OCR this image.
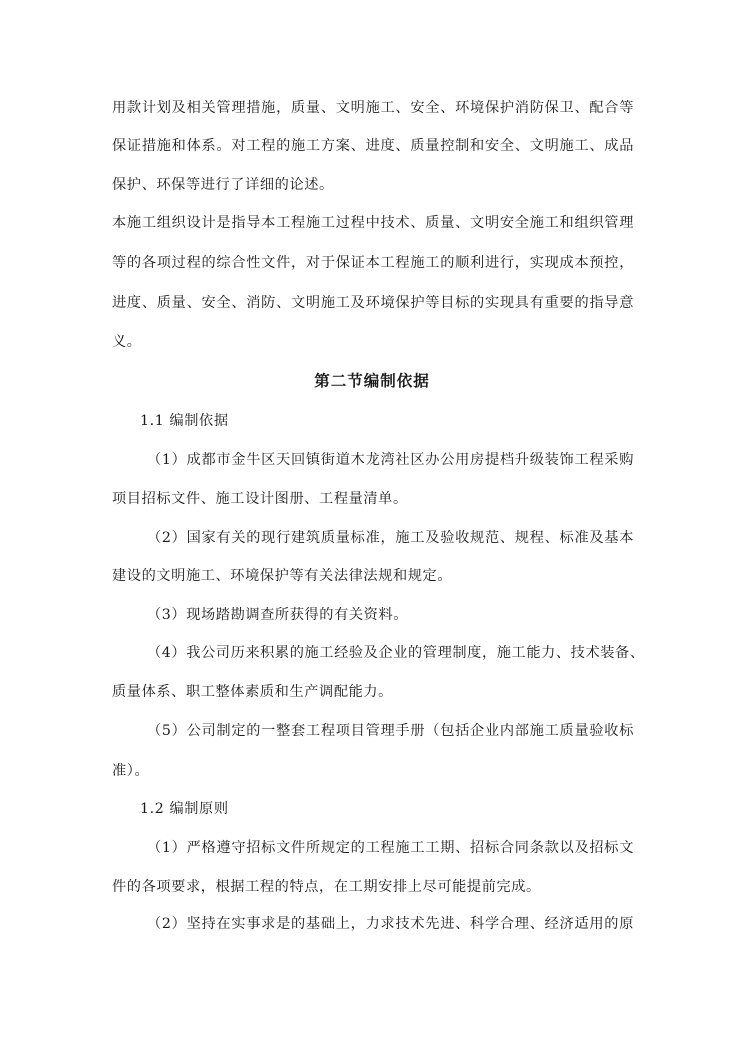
用款计划及相关管理措施，质量、文明施工、安全、环境保护消防保卫、配合等
保证措施和体系。对工程的施工方案、进度、质量控制和安全、文明施工、成品
保护、环保等进行了详细的论述。
本施工组织设计是指导本工程施工过程中技术、质量、文明安全施工和组织管理
等的各项过程的综合性文件，对于保证本工程施工的顺利进行，实现成本预控，
进度、质量、安全、消防、文明施工及环境保护等目标的实现具有重要的指导意
义。
第二节编制依据
1.1 编制依据
（1）成都市金牛区天回镇街道木龙湾社区办公用房提档升级装饰工程采购
项目招标文件、施工设计图册、工程量清单。
（2）国家有关的现行建筑质量标准，施工及验收规范、规程、标准及基本
建设的文明施工、环境保护等有关法律法规和规定。
（3）现场踏勘调查所获得的有关资料。
（4）我公司历来积累的施工经验及企业的管理制度，施工能力、技术装备、
质量体系、职工整体素质和生产调配能力。
（5）公司制定的一整套工程项目管理手册（包括企业内部施工质量验收标
准）。
1.2 编制原则
（1）严格遵守招标文件所规定的工程施工工期、招标合同条款以及招标文
件的各项要求，根据工程的特点，在工期安排上尽可能提前完成。
（2）坚持在实事求是的基础上，力求技术先进、科学合理、经济适用的原
